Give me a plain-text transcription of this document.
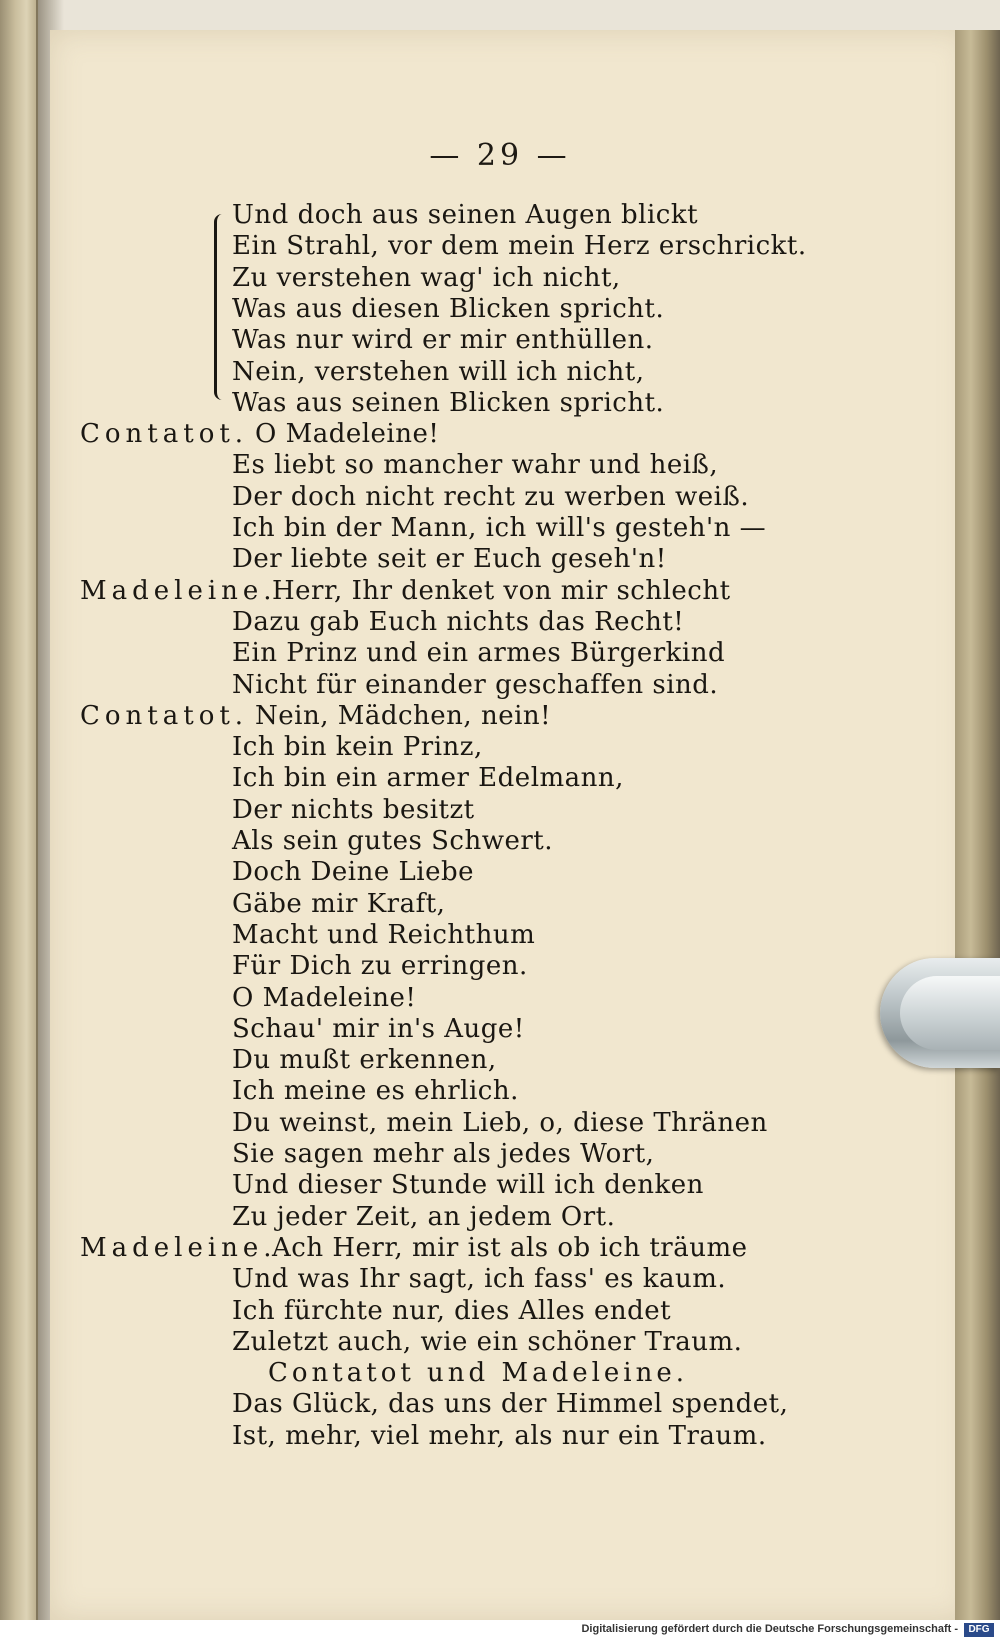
— 29 —
Und doch aus seinen Augen blickt
Ein Strahl, vor dem mein Herz erschrickt.
Zu verstehen wag' ich nicht,
Was aus diesen Blicken spricht.
Was nur wird er mir enthüllen.
Nein, verstehen will ich nicht,
Was aus seinen Blicken spricht.
Contatot. O Madeleine!
Es liebt so mancher wahr und heiß,
Der doch nicht recht zu werben weiß.
Ich bin der Mann, ich will's gesteh'n —
Der liebte seit er Euch geseh'n!
Madeleine.
Herr, Ihr denket von mir schlecht
Dazu gab Euch nichts das Recht!
Ein Prinz und ein armes Bürgerkind
Nicht für einander geschaffen sind.
Contatot. Nein, Mädchen, nein!
Ich bin kein Prinz,
Ich bin ein armer Edelmann,
Der nichts besitzt
Als sein gutes Schwert.
Doch Deine Liebe
Gäbe mir Kraft,
Macht und Reichthum
Für Dich zu erringen.
O Madeleine!
Schau' mir in's Auge!
Du mußt erkennen,
Ich meine es ehrlich.
Du weinst, mein Lieb, o, diese Thränen
Sie sagen mehr als jedes Wort,
Und dieser Stunde will ich denken
Zu jeder Zeit, an jedem Ort.
Madeleine.
Ach Herr, mir ist als ob ich träume
Und was Ihr sagt, ich fass' es kaum.
Ich fürchte nur, dies Alles endet
Zuletzt auch, wie ein schöner Traum.
Contatot und Madeleine.
Das Glück, das uns der Himmel spendet,
Ist, mehr, viel mehr, als nur ein Traum.
Digitalisierung gefördert durch die Deutsche Forschungsgemeinschaft -	DFG
